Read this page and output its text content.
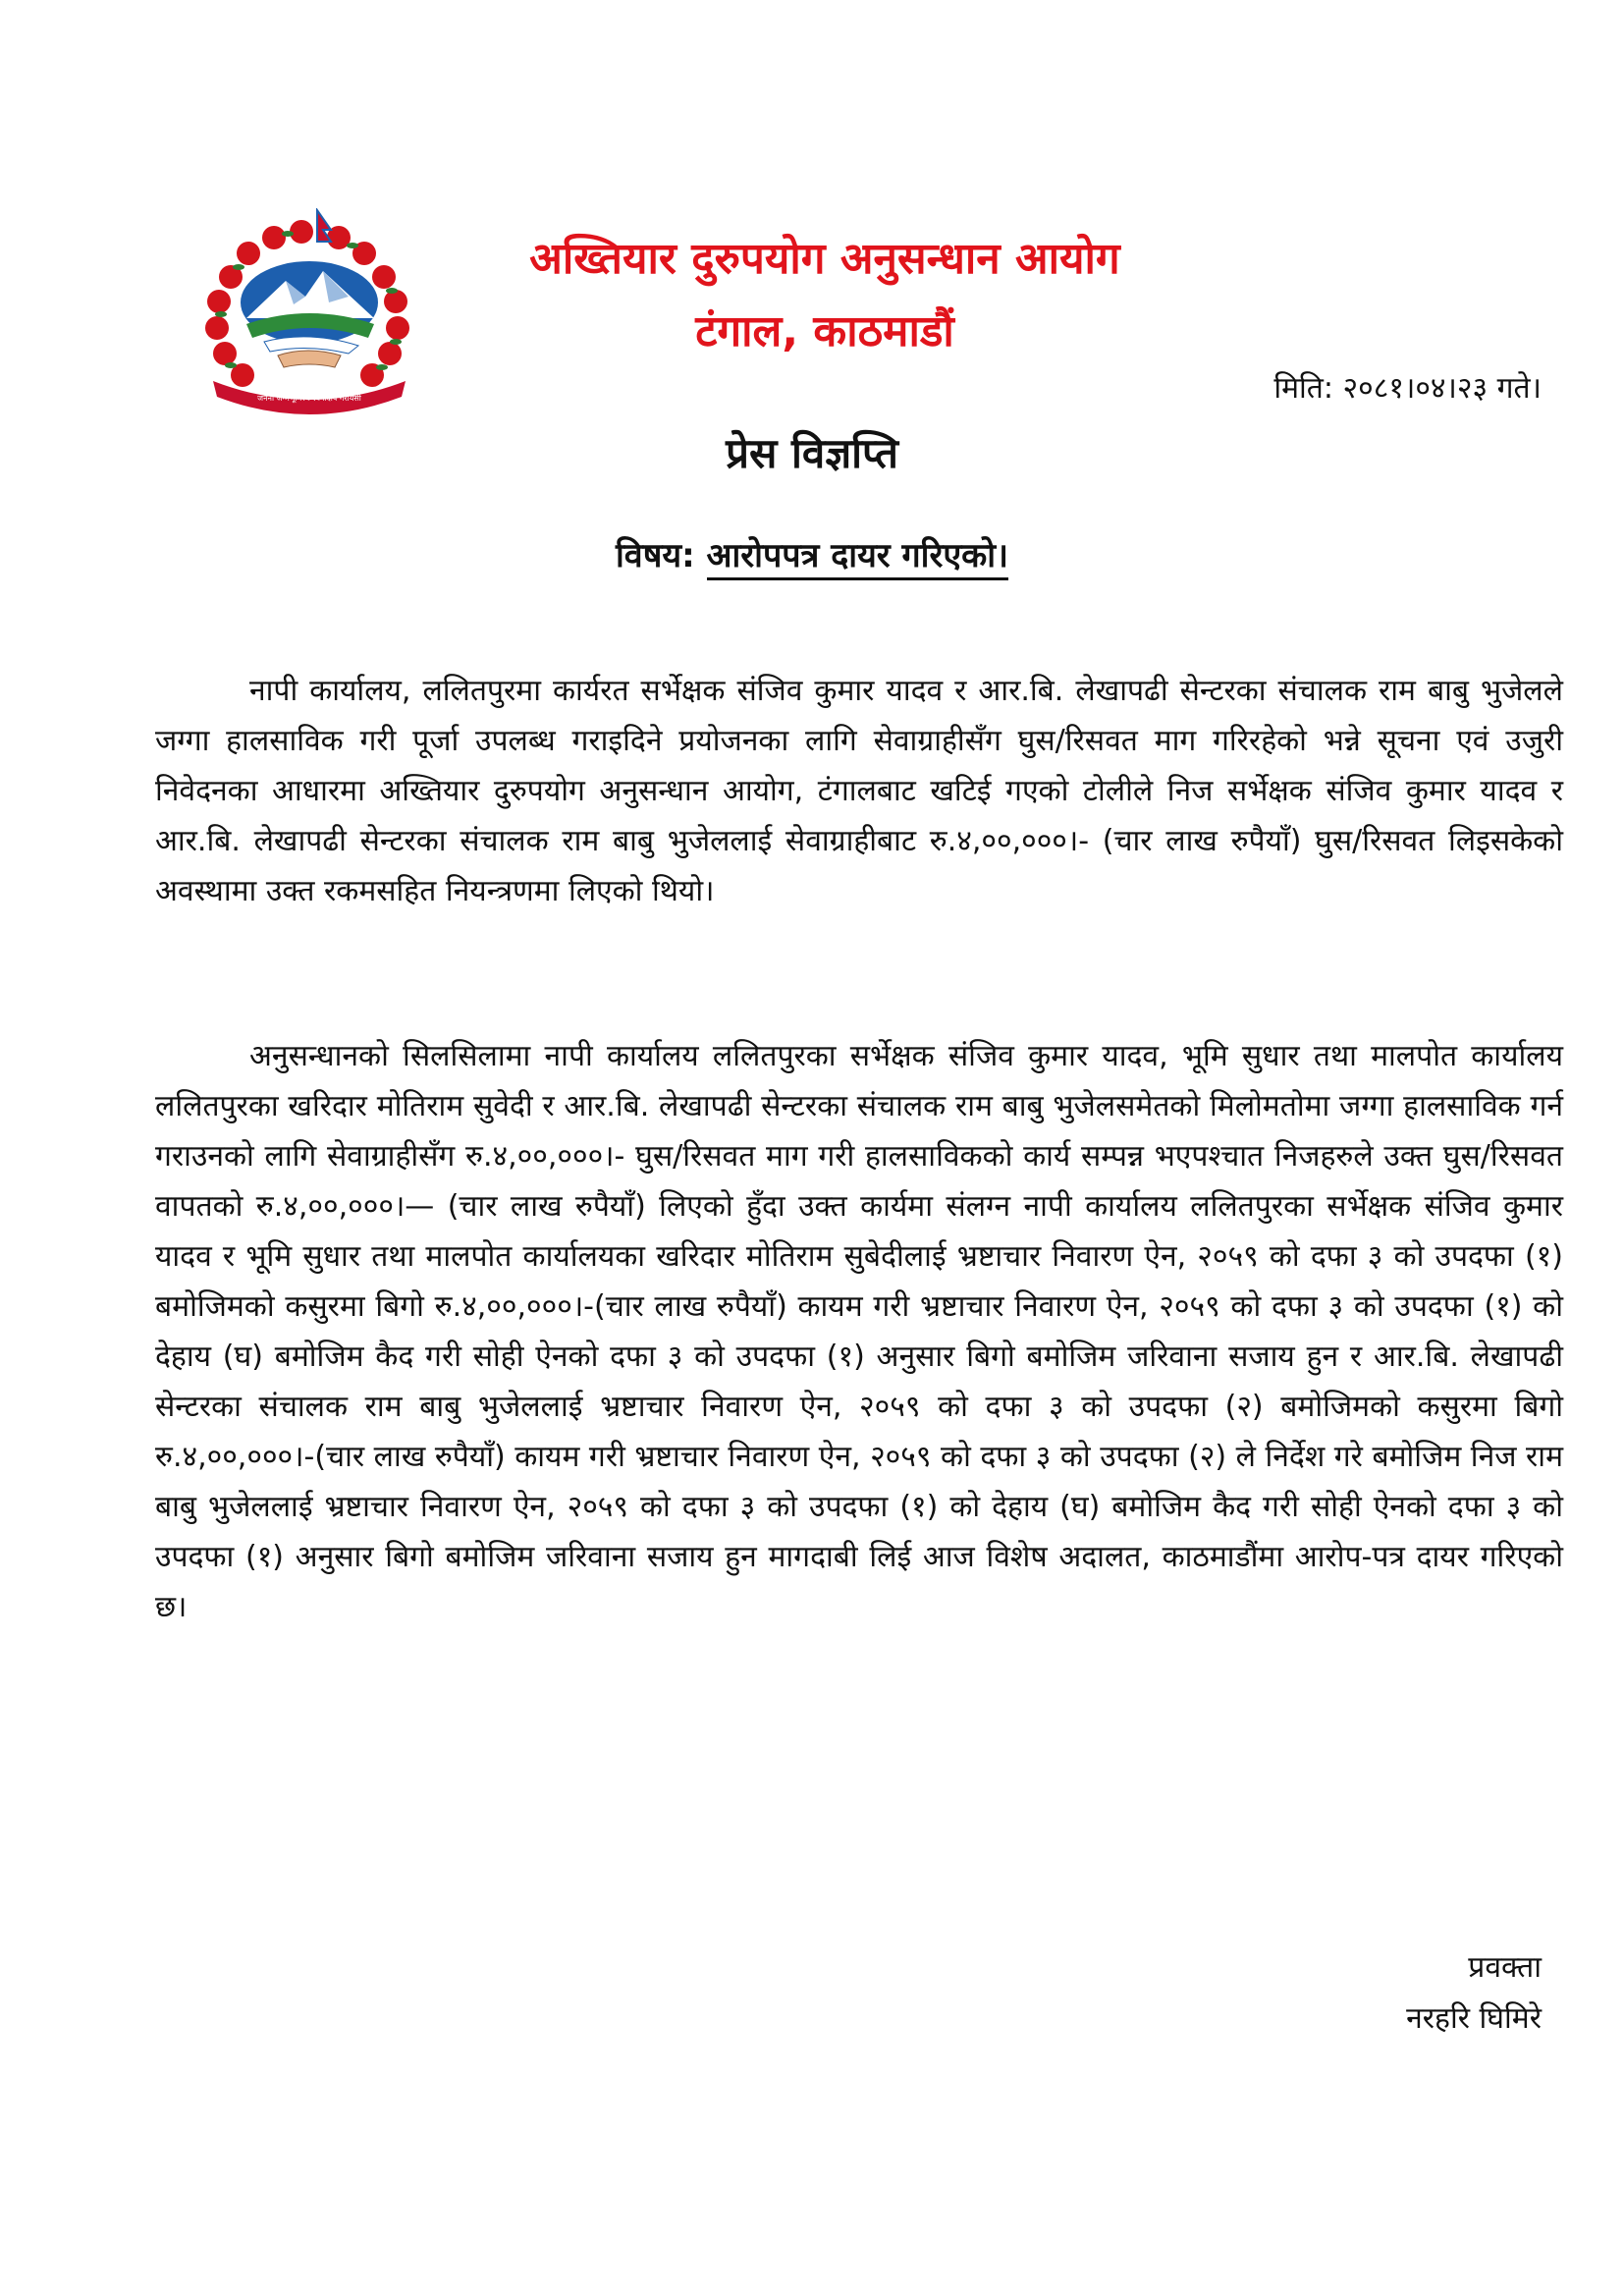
जननी जन्मभूमिश्च स्वर्गादपि गरीयसी
अख्तियार दुरुपयोग अनुसन्धान आयोग
टंगाल, काठमाडौं

मिति: २०८१।०४।२३ गते।

प्रेस विज्ञप्ति

विषय: आरोपपत्र दायर गरिएको।

नापी कार्यालय, ललितपुरमा कार्यरत सर्भेक्षक संजिव कुमार यादव र आर.बि. लेखापढी सेन्टरका संचालक राम बाबु भुजेलले जग्गा हालसाविक गरी पूर्जा उपलब्ध गराइदिने प्रयोजनका लागि सेवाग्राहीसँग घुस/रिसवत माग गरिरहेको भन्ने सूचना एवं उजुरी निवेदनका आधारमा अख्तियार दुरुपयोग अनुसन्धान आयोग, टंगालबाट खटिई गएको टोलीले निज सर्भेक्षक संजिव कुमार यादव र आर.बि. लेखापढी सेन्टरका संचालक राम बाबु भुजेललाई सेवाग्राहीबाट रु.४,००,०००।- (चार लाख रुपैयाँ) घुस/रिसवत लिइसकेको अवस्थामा उक्त रकमसहित नियन्त्रणमा लिएको थियो।

अनुसन्धानको सिलसिलामा नापी कार्यालय ललितपुरका सर्भेक्षक संजिव कुमार यादव, भूमि सुधार तथा मालपोत कार्यालय ललितपुरका खरिदार मोतिराम सुवेदी र आर.बि. लेखापढी सेन्टरका संचालक राम बाबु भुजेलसमेतको मिलोमतोमा जग्गा हालसाविक गर्न गराउनको लागि सेवाग्राहीसँग रु.४,००,०००।- घुस/रिसवत माग गरी हालसाविकको कार्य सम्पन्न भएपश्चात निजहरुले उक्त घुस/रिसवत वापतको रु.४,००,०००।— (चार लाख रुपैयाँ) लिएको हुँदा उक्त कार्यमा संलग्न नापी कार्यालय ललितपुरका सर्भेक्षक संजिव कुमार यादव र भूमि सुधार तथा मालपोत कार्यालयका खरिदार मोतिराम सुबेदीलाई भ्रष्टाचार निवारण ऐन, २०५९ को दफा ३ को उपदफा (१) बमोजिमको कसुरमा बिगो रु.४,००,०००।-(चार लाख रुपैयाँ) कायम गरी भ्रष्टाचार निवारण ऐन, २०५९ को दफा ३ को उपदफा (१) को देहाय (घ) बमोजिम कैद गरी सोही ऐनको दफा ३ को उपदफा (१) अनुसार बिगो बमोजिम जरिवाना सजाय हुन र आर.बि. लेखापढी सेन्टरका संचालक राम बाबु भुजेललाई भ्रष्टाचार निवारण ऐन, २०५९ को दफा ३ को उपदफा (२) बमोजिमको कसुरमा बिगो रु.४,००,०००।-(चार लाख रुपैयाँ) कायम गरी भ्रष्टाचार निवारण ऐन, २०५९ को दफा ३ को उपदफा (२) ले निर्देश गरे बमोजिम निज राम बाबु भुजेललाई भ्रष्टाचार निवारण ऐन, २०५९ को दफा ३ को उपदफा (१) को देहाय (घ) बमोजिम कैद गरी सोही ऐनको दफा ३ को उपदफा (१) अनुसार बिगो बमोजिम जरिवाना सजाय हुन मागदाबी लिई आज विशेष अदालत, काठमाडौंमा आरोप-पत्र दायर गरिएको छ।

प्रवक्ता
नरहरि घिमिरे
